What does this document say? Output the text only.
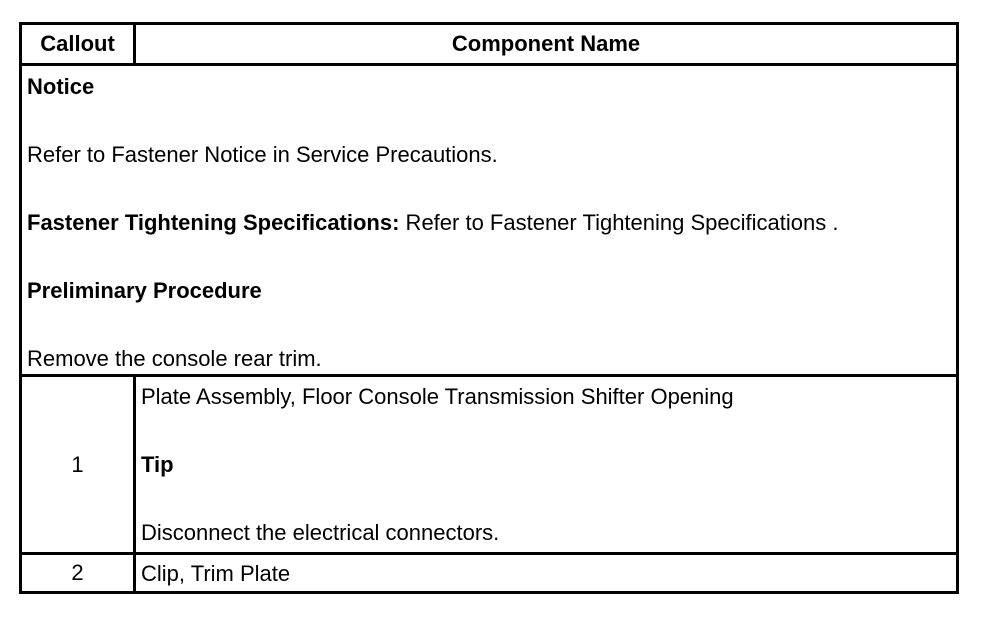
Callout	Component Name

Notice
Refer to Fastener Notice in Service Precautions.
Fastener Tightening Specifications: Refer to Fastener Tightening Specifications .
Preliminary Procedure
Remove the console rear trim.	

1	Plate Assembly, Floor Console Transmission Shifter Opening
Tip
Disconnect the electrical connectors.

2	Clip, Trim Plate
